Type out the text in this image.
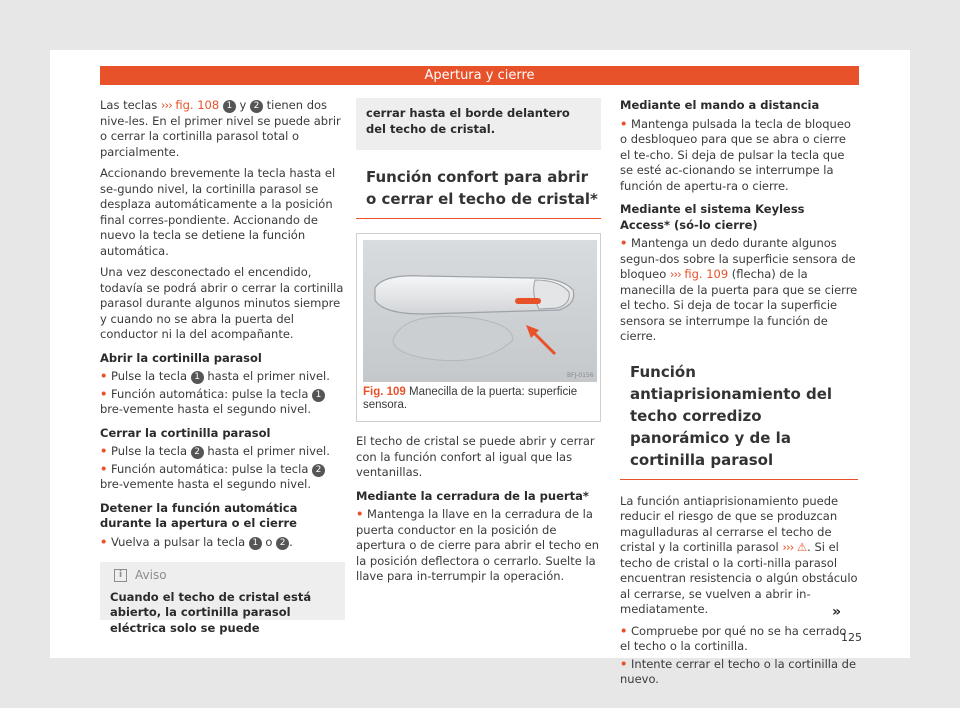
Apertura y cierre

Las teclas ››› fig. 108 1 y 2 tienen dos nive-les. En el primer nivel se puede abrir o cerrar la cortinilla parasol total o parcialmente.

Accionando brevemente la tecla hasta el se-gundo nivel, la cortinilla parasol se desplaza automáticamente a la posición final corres-pondiente. Accionando de nuevo la tecla se detiene la función automática.

Una vez desconectado el encendido, todavía se podrá abrir o cerrar la cortinilla parasol durante algunos minutos siempre y cuando no se abra la puerta del conductor ni la del acompañante.

Abrir la cortinilla parasol
• Pulse la tecla 1 hasta el primer nivel.
• Función automática: pulse la tecla 1 bre-vemente hasta el segundo nivel.
Cerrar la cortinilla parasol
• Pulse la tecla 2 hasta el primer nivel.
• Función automática: pulse la tecla 2 bre-vemente hasta el segundo nivel.
Detener la función automática durante la apertura o el cierre
• Vuelva a pulsar la tecla 1 o 2 .
i	Aviso
Cuando el techo de cristal está abierto, la cortinilla parasol eléctrica solo se puede
cerrar hasta el borde delantero del techo de cristal.
Función confort para abrir o cerrar el techo de cristal*
BFJ-0156
Fig. 109 Manecilla de la puerta: superficie sensora.

El techo de cristal se puede abrir y cerrar con la función confort al igual que las ventanillas.

Mediante la cerradura de la puerta*
• Mantenga la llave en la cerradura de la puerta conductor en la posición de apertura o de cierre para abrir el techo en la posición deflectora o cerrarlo. Suelte la llave para in-terrumpir la operación.
Mediante el mando a distancia
• Mantenga pulsada la tecla de bloqueo o desbloqueo para que se abra o cierre el te-cho. Si deja de pulsar la tecla que se esté ac-cionando se interrumpe la función de apertu-ra o cierre.
Mediante el sistema Keyless Access* (só-lo cierre)
• Mantenga un dedo durante algunos segun-dos sobre la superficie sensora de bloqueo ››› fig. 109 (flecha) de la manecilla de la puerta para que se cierre el techo. Si deja de tocar la superficie sensora se interrumpe la función de cierre.
Función antiaprisionamiento del techo corredizo panorámico y de la cortinilla parasol

La función antiaprisionamiento puede reducir el riesgo de que se produzcan magulladuras al cerrarse el techo de cristal y la cortinilla parasol ››› ⚠. Si el techo de cristal o la corti-nilla parasol encuentran resistencia o algún obstáculo al cerrarse, se vuelven a abrir in-mediatamente.

• Compruebe por qué no se ha cerrado el techo o la cortinilla.
• Intente cerrar el techo o la cortinilla de nuevo.
»
125
